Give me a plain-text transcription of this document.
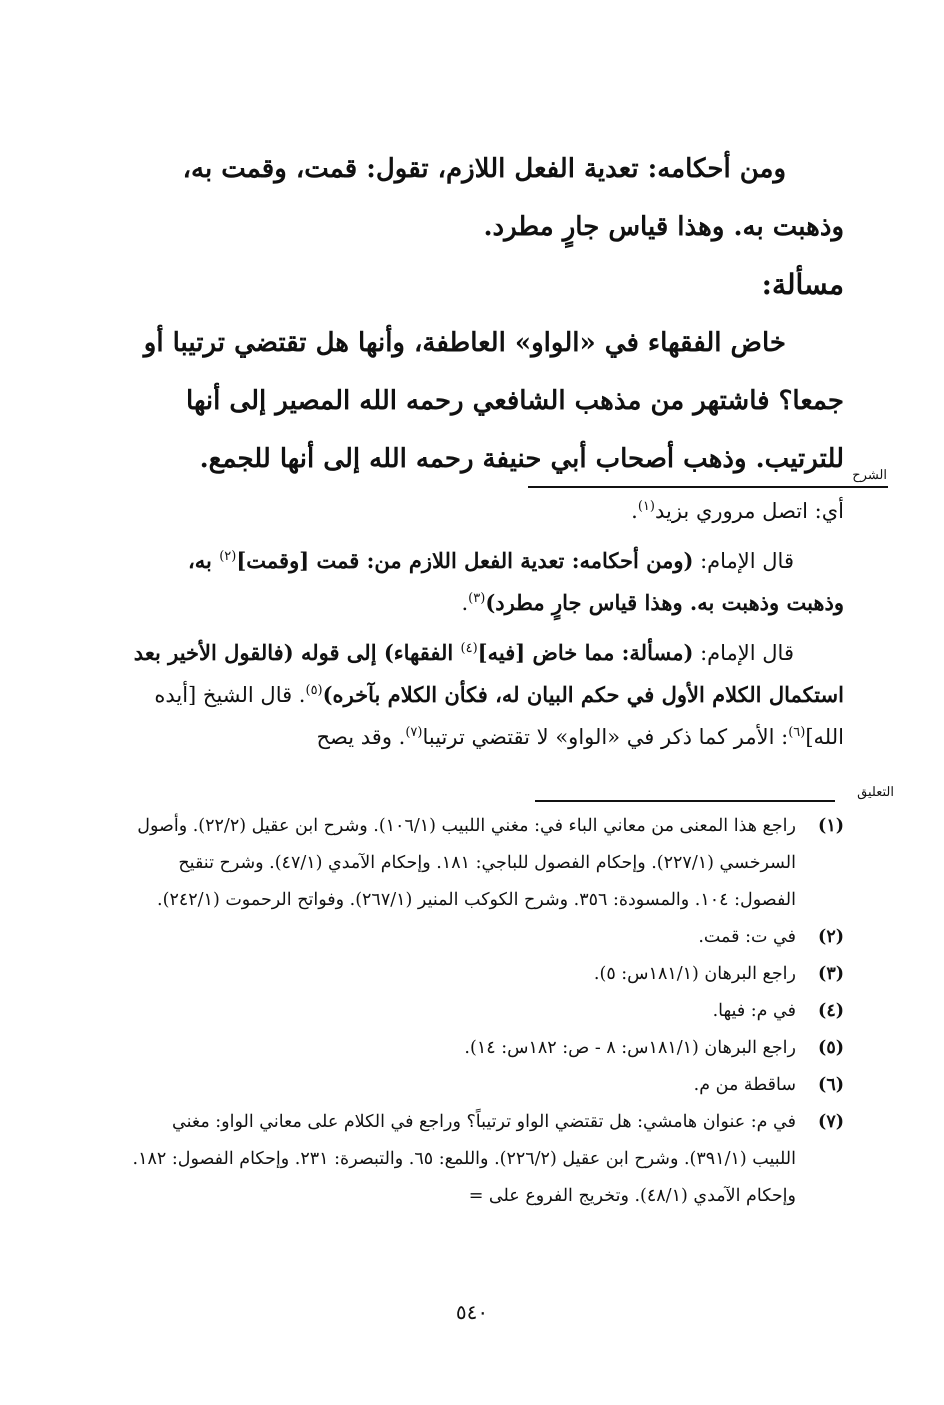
ومن أحكامه: تعدية الفعل اللازم، تقول: قمت، وقمت به، وذهبت به. وهذا قياس جارٍ مطرد.

مسألة:

خاض الفقهاء في «الواو» العاطفة، وأنها هل تقتضي ترتيبا أو جمعا؟ فاشتهر من مذهب الشافعي رحمه الله المصير إلى أنها للترتيب. وذهب أصحاب أبي حنيفة رحمه الله إلى أنها للجمع.

الشرح

أي: اتصل مروري بزيد$^{(١)}$.

قال الإمام: (ومن أحكامه: تعدية الفعل اللازم من: قمت [وقمت]$^{(٢)}$ به، وذهبت وذهبت به. وهذا قياس جارٍ مطرد)$^{(٣)}$.

قال الإمام: (مسألة: مما خاض [فيه]$^{(٤)}$ الفقهاء) إلى قوله (فالقول الأخير بعد استكمال الكلام الأول في حكم البيان له، فكأن الكلام بآخره)$^{(٥)}$. قال الشيخ [أيده الله]$^{(٦)}$: الأمر كما ذكر في «الواو» لا تقتضي ترتيبا$^{(٧)}$. وقد يصح

التعليق
(١)
راجع هذا المعنى من معاني الباء في: مغني اللبيب (١٠٦/١). وشرح ابن عقيل (٢٢/٢). وأصول السرخسي (٢٢٧/١). وإحكام الفصول للباجي: ١٨١. وإحكام الآمدي (٤٧/١). وشرح تنقيح الفصول: ١٠٤. والمسودة: ٣٥٦. وشرح الكوكب المنير (٢٦٧/١). وفواتح الرحموت (٢٤٢/١).
(٢)
في ت: قمت.
(٣)
راجع البرهان (١٨١/١س: ٥).
(٤)
في م: فيها.
(٥)
راجع البرهان (١٨١/١س: ٨ - ص: ١٨٢س: ١٤).
(٦)
ساقطة من م.
(٧)
في م: عنوان هامشي: هل تقتضي الواو ترتيباً؟ وراجع في الكلام على معاني الواو: مغني اللبيب (٣٩١/١). وشرح ابن عقيل (٢٢٦/٢). واللمع: ٦٥. والتبصرة: ٢٣١. وإحكام الفصول: ١٨٢. وإحكام الآمدي (٤٨/١). وتخريج الفروع على =
٥٤٠
